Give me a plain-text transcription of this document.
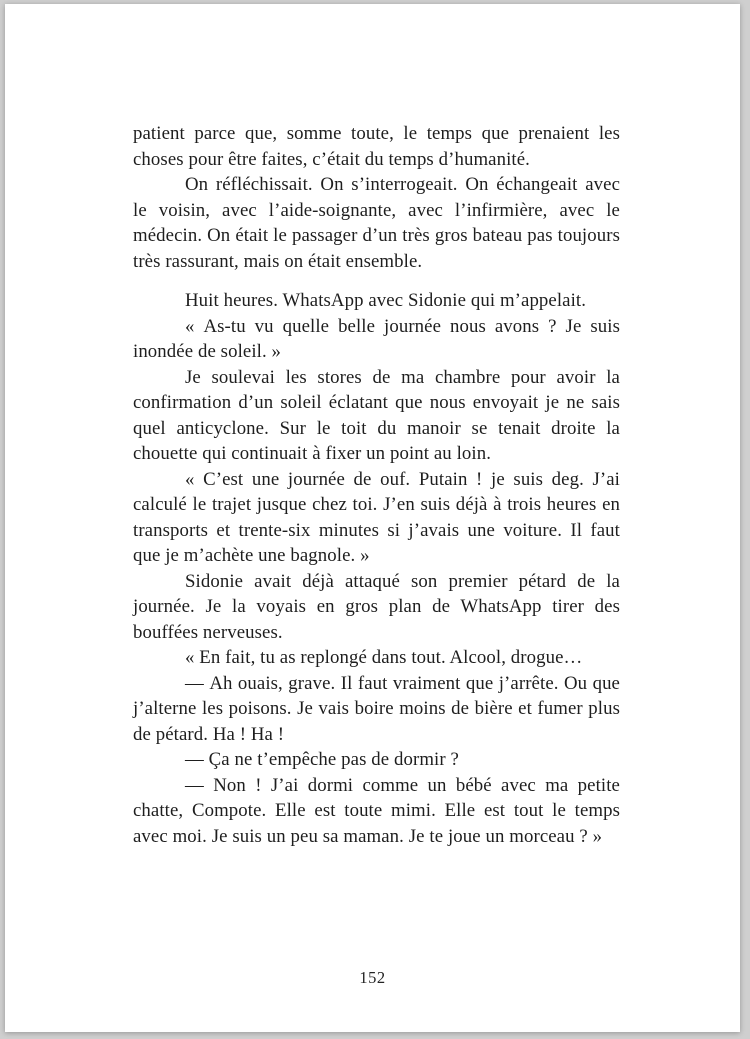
patient parce que, somme toute, le temps que prenaient les choses pour être faites, c’était du temps d’humanité.

On réfléchissait. On s’interrogeait. On échangeait avec le voisin, avec l’aide-soignante, avec l’infirmière, avec le médecin. On était le passager d’un très gros bateau pas toujours très rassurant, mais on était ensemble.

Huit heures. WhatsApp avec Sidonie qui m’appelait.

« As-tu vu quelle belle journée nous avons ? Je suis inondée de soleil. »

Je soulevai les stores de ma chambre pour avoir la confirmation d’un soleil éclatant que nous envoyait je ne sais quel anticyclone. Sur le toit du manoir se tenait droite la chouette qui continuait à fixer un point au loin.

« C’est une journée de ouf. Putain ! je suis deg. J’ai calculé le trajet jusque chez toi. J’en suis déjà à trois heures en transports et trente-six minutes si j’avais une voiture. Il faut que je m’achète une bagnole. »

Sidonie avait déjà attaqué son premier pétard de la journée. Je la voyais en gros plan de WhatsApp tirer des bouffées nerveuses.

« En fait, tu as replongé dans tout. Alcool, drogue…

— Ah ouais, grave. Il faut vraiment que j’arrête. Ou que j’alterne les poisons. Je vais boire moins de bière et fumer plus de pétard. Ha ! Ha !

— Ça ne t’empêche pas de dormir ?

— Non ! J’ai dormi comme un bébé avec ma petite chatte, Compote. Elle est toute mimi. Elle est tout le temps avec moi. Je suis un peu sa maman. Je te joue un morceau ? »

152
